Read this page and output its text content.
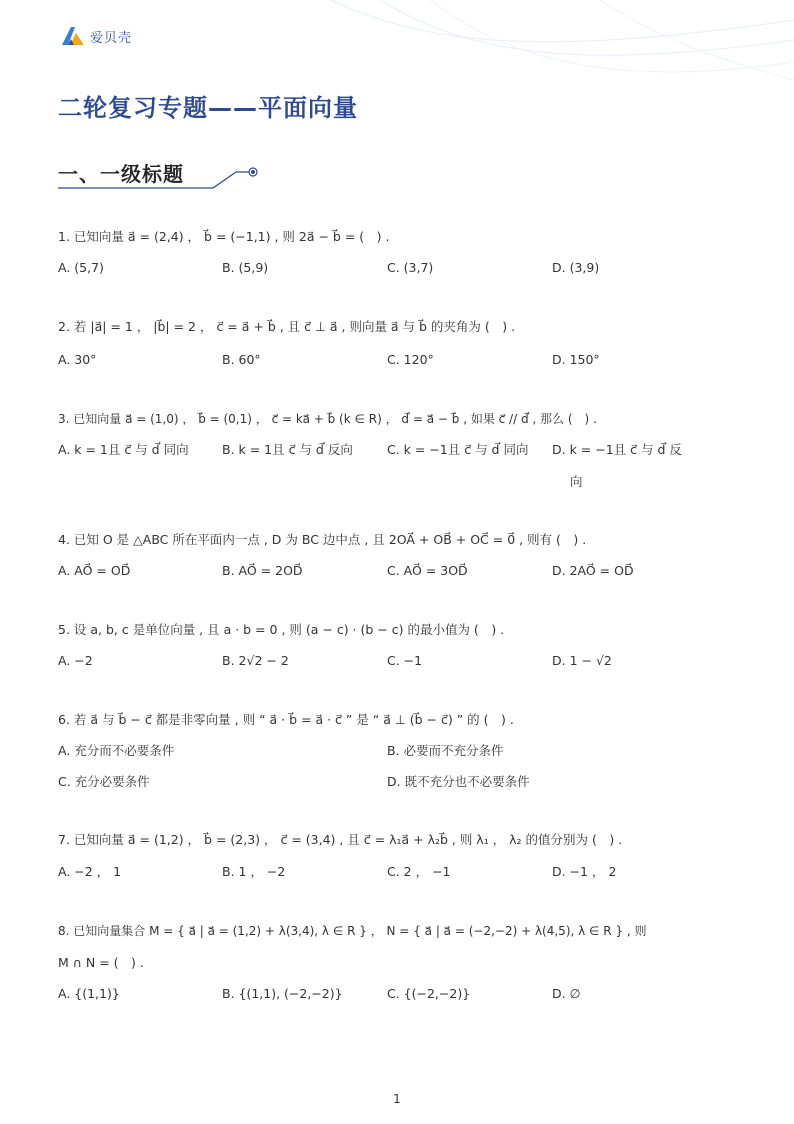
爱贝壳
二轮复习专题——平面向量
一、一级标题
1. 已知向量 a⃗ = (2,4) ， b⃗ = (−1,1) , 则 2a⃗ − b⃗ = (　) .
A. (5,7)	B. (5,9)	C. (3,7)	D. (3,9)
2. 若 |a⃗| = 1 ， |b⃗| = 2 ， c⃗ = a⃗ + b⃗ , 且 c⃗ ⊥ a⃗ , 则向量 a⃗ 与 b⃗ 的夹角为 (　) .
A. 30°	B. 60°	C. 120°	D. 150°
3. 已知向量 a⃗ = (1,0) ， b⃗ = (0,1) ， c⃗ = ka⃗ + b⃗ (k ∈ R) ， d⃗ = a⃗ − b⃗ , 如果 c⃗ // d⃗ , 那么 (　) .
A. k = 1且 c⃗ 与 d⃗ 同向	B. k = 1且 c⃗ 与 d⃗ 反向	C. k = −1且 c⃗ 与 d⃗ 同向 D. k = −1且 c⃗ 与 d⃗ 反
向
4. 已知 O 是 △ABC 所在平面内一点 , D 为 BC 边中点 , 且 2OA⃗ + OB⃗ + OC⃗ = 0⃗ , 则有 (　) .
A. AO⃗ = OD⃗	B. AO⃗ = 2OD⃗	C. AO⃗ = 3OD⃗	D. 2AO⃗ = OD⃗
5. 设 a, b, c 是单位向量 , 且 a · b = 0 , 则 (a − c) · (b − c) 的最小值为 (　) .
A. −2	B. 2√2 − 2	C. −1	D. 1 − √2
6. 若 a⃗ 与 b⃗ − c⃗ 都是非零向量 , 则 “ a⃗ · b⃗ = a⃗ · c⃗ ” 是 “ a⃗ ⊥ (b⃗ − c⃗) ” 的 (　) .
A. 充分而不必要条件	B. 必要而不充分条件
C. 充分必要条件	D. 既不充分也不必要条件
7. 已知向量 a⃗ = (1,2) ， b⃗ = (2,3) ， c⃗ = (3,4) , 且 c⃗ = λ₁a⃗ + λ₂b⃗ , 则 λ₁ ， λ₂ 的值分别为 (　) .
A. −2 ， 1	B. 1 ， −2	C. 2 ， −1	D. −1 ， 2
8. 已知向量集合 M = { a⃗ | a⃗ = (1,2) + λ(3,4), λ ∈ R } ， N = { a⃗ | a⃗ = (−2,−2) + λ(4,5), λ ∈ R } , 则
M ∩ N = (　) .
A. {(1,1)}	B. {(1,1), (−2,−2)}	C. {(−2,−2)}	D. ∅
1
